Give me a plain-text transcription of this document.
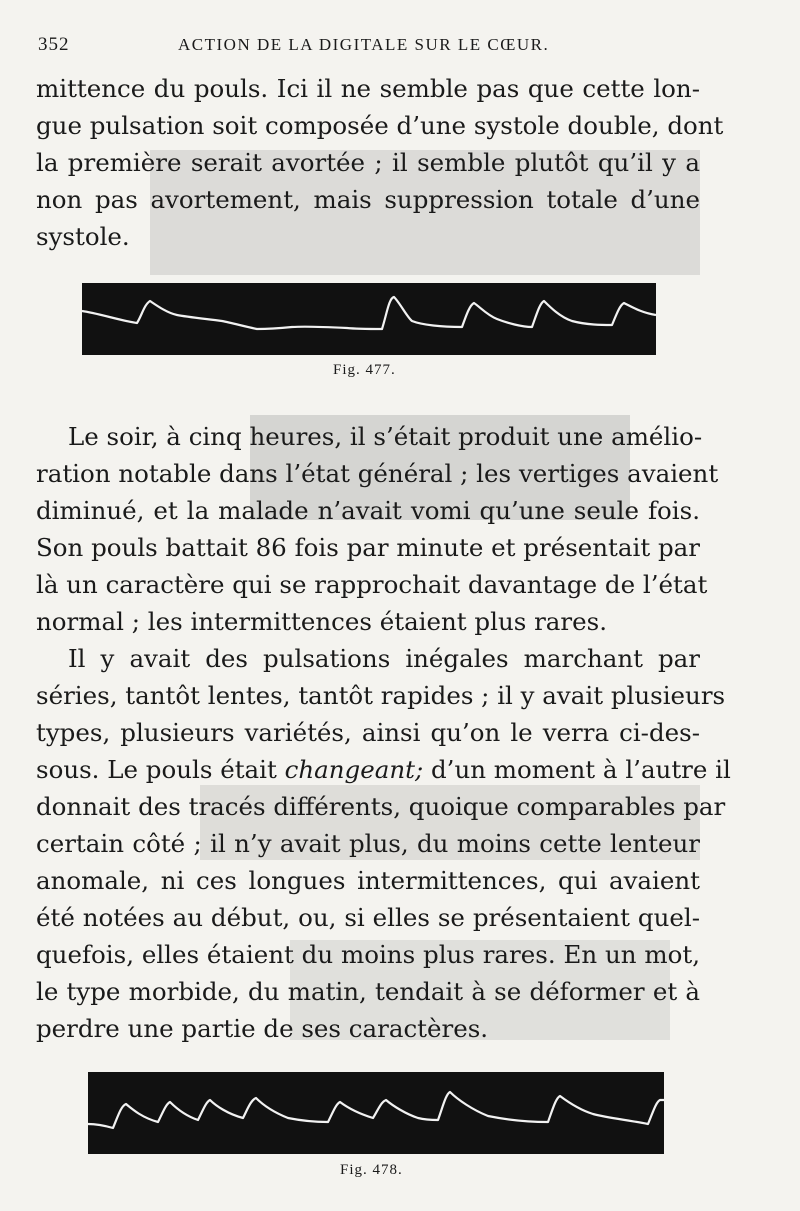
352	ACTION DE LA DIGITALE SUR LE CŒUR.
mittence du pouls. Ici il ne semble pas que cette lon-
gue pulsation soit composée d’une systole double, dont
la première serait avortée ; il semble plutôt qu’il y a
non pas avortement, mais suppression totale d’une
systole.
Fig. 477.
Le soir, à cinq heures, il s’était produit une amélio-
ration notable dans l’état général ; les vertiges avaient
diminué, et la malade n’avait vomi qu’une seule fois.
Son pouls battait 86 fois par minute et présentait par
là un caractère qui se rapprochait davantage de l’état
normal ; les intermittences étaient plus rares.
Il y avait des pulsations inégales marchant par
séries, tantôt lentes, tantôt rapides ; il y avait plusieurs
types, plusieurs variétés, ainsi qu’on le verra ci-des-
sous. Le pouls était changeant; d’un moment à l’autre il
donnait des tracés différents, quoique comparables par
certain côté ; il n’y avait plus, du moins cette lenteur
anomale, ni ces longues intermittences, qui avaient
été notées au début, ou, si elles se présentaient quel-
quefois, elles étaient du moins plus rares. En un mot,
le type morbide, du matin, tendait à se déformer et à
perdre une partie de ses caractères.
Fig. 478.
